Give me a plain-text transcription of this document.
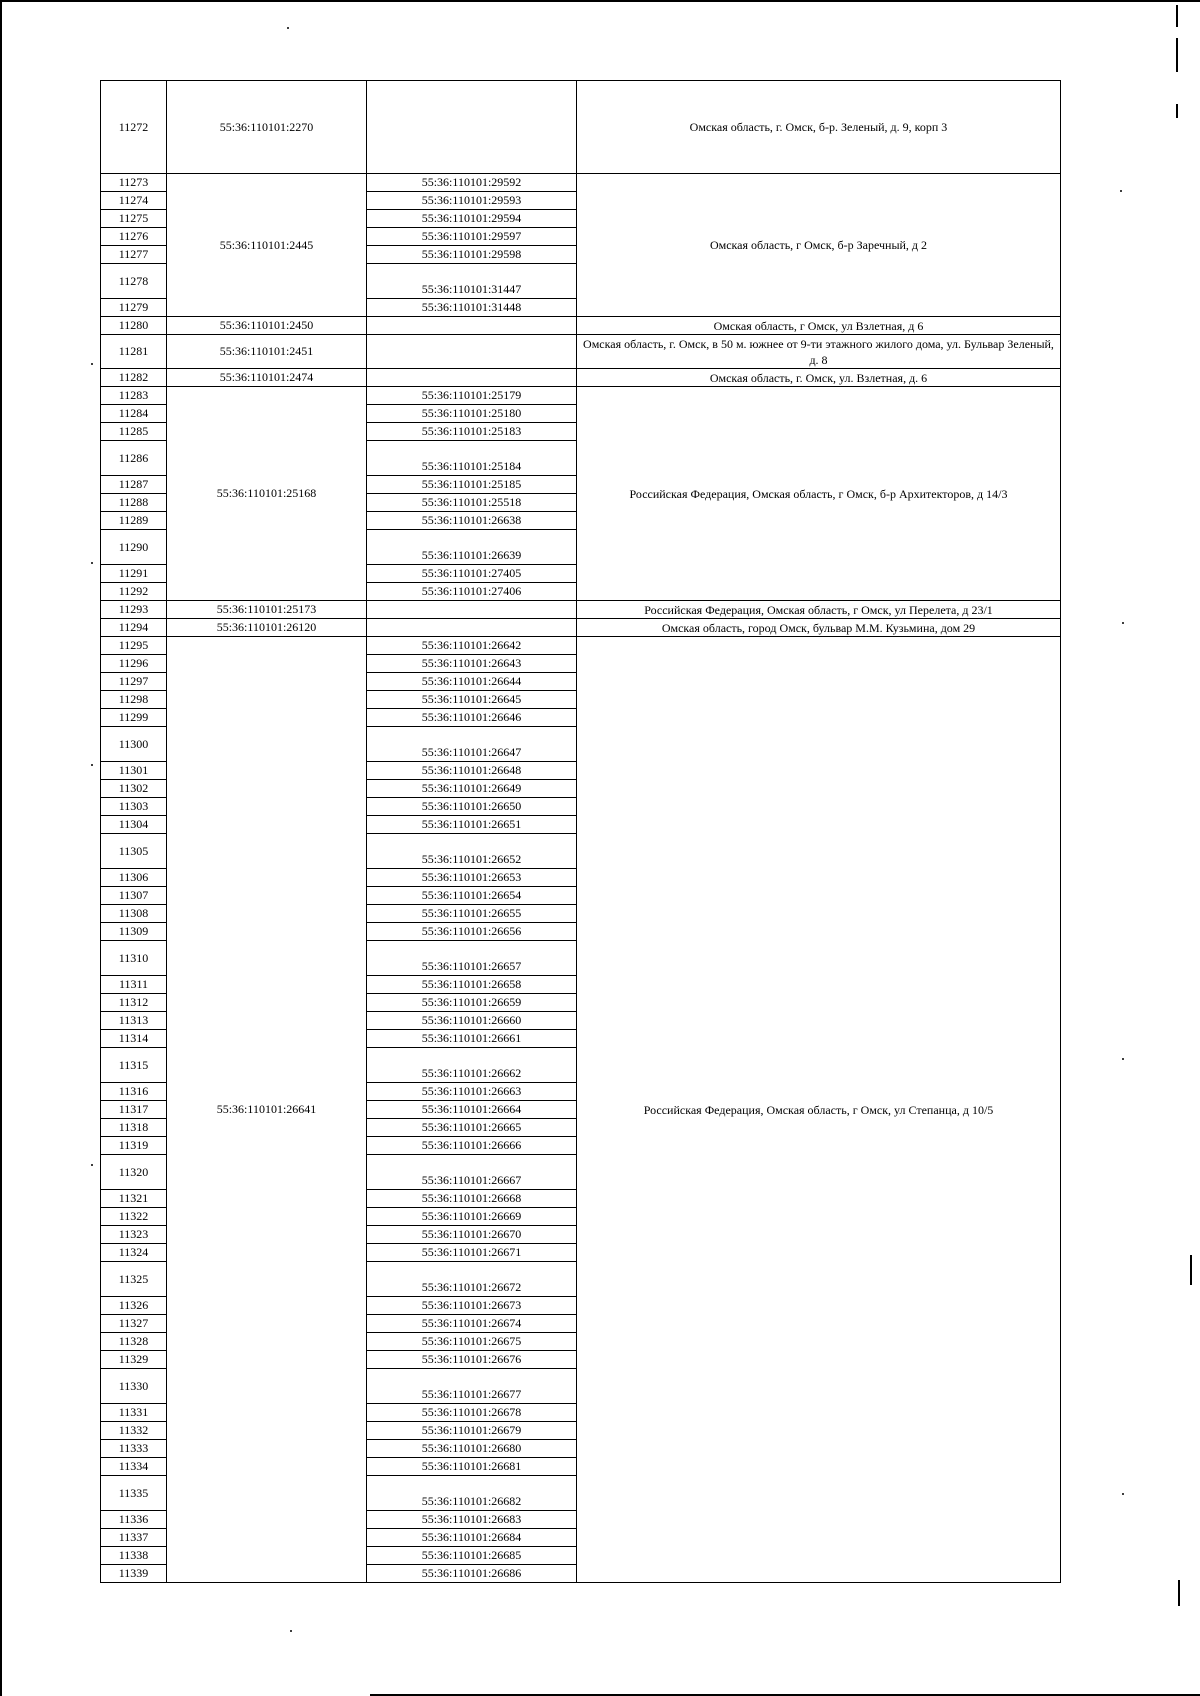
11272	55:36:110101:2270		Омская область, г. Омск, б-р. Зеленый, д. 9, корп 3
11273	55:36:110101:2445	55:36:110101:29592	Омская область, г Омск, б-р Заречный, д 2
11274		55:36:110101:29593	
11275		55:36:110101:29594	
11276		55:36:110101:29597	
11277		55:36:110101:29598	
11278		55:36:110101:31447	
11279		55:36:110101:31448	
11280	55:36:110101:2450		Омская область, г Омск, ул Взлетная, д 6
11281	55:36:110101:2451		Омская область, г. Омск, в 50 м. южнее от 9-ти этажного жилого дома, ул. Бульвар Зеленый, д. 8
11282	55:36:110101:2474		Омская область, г. Омск, ул. Взлетная, д. 6
11283	55:36:110101:25168	55:36:110101:25179	Российская Федерация, Омская область, г Омск, б-р Архитекторов, д 14/3
11284		55:36:110101:25180	
11285		55:36:110101:25183	
11286		55:36:110101:25184	
11287		55:36:110101:25185	
11288		55:36:110101:25518	
11289		55:36:110101:26638	
11290		55:36:110101:26639	
11291		55:36:110101:27405	
11292		55:36:110101:27406	
11293	55:36:110101:25173		Российская Федерация, Омская область, г Омск, ул Перелета, д 23/1
11294	55:36:110101:26120		Омская область, город Омск, бульвар М.М. Кузьмина, дом 29
11295	55:36:110101:26641	55:36:110101:26642	Российская Федерация, Омская область, г Омск, ул Степанца, д 10/5
11296		55:36:110101:26643	
11297		55:36:110101:26644	
11298		55:36:110101:26645	
11299		55:36:110101:26646	
11300		55:36:110101:26647	
11301		55:36:110101:26648	
11302		55:36:110101:26649	
11303		55:36:110101:26650	
11304		55:36:110101:26651	
11305		55:36:110101:26652	
11306		55:36:110101:26653	
11307		55:36:110101:26654	
11308		55:36:110101:26655	
11309		55:36:110101:26656	
11310		55:36:110101:26657	
11311		55:36:110101:26658	
11312		55:36:110101:26659	
11313		55:36:110101:26660	
11314		55:36:110101:26661	
11315		55:36:110101:26662	
11316		55:36:110101:26663	
11317		55:36:110101:26664	
11318		55:36:110101:26665	
11319		55:36:110101:26666	
11320		55:36:110101:26667	
11321		55:36:110101:26668	
11322		55:36:110101:26669	
11323		55:36:110101:26670	
11324		55:36:110101:26671	
11325		55:36:110101:26672	
11326		55:36:110101:26673	
11327		55:36:110101:26674	
11328		55:36:110101:26675	
11329		55:36:110101:26676	
11330		55:36:110101:26677	
11331		55:36:110101:26678	
11332		55:36:110101:26679	
11333		55:36:110101:26680	
11334		55:36:110101:26681	
11335		55:36:110101:26682	
11336		55:36:110101:26683	
11337		55:36:110101:26684	
11338		55:36:110101:26685	
11339		55:36:110101:26686	
